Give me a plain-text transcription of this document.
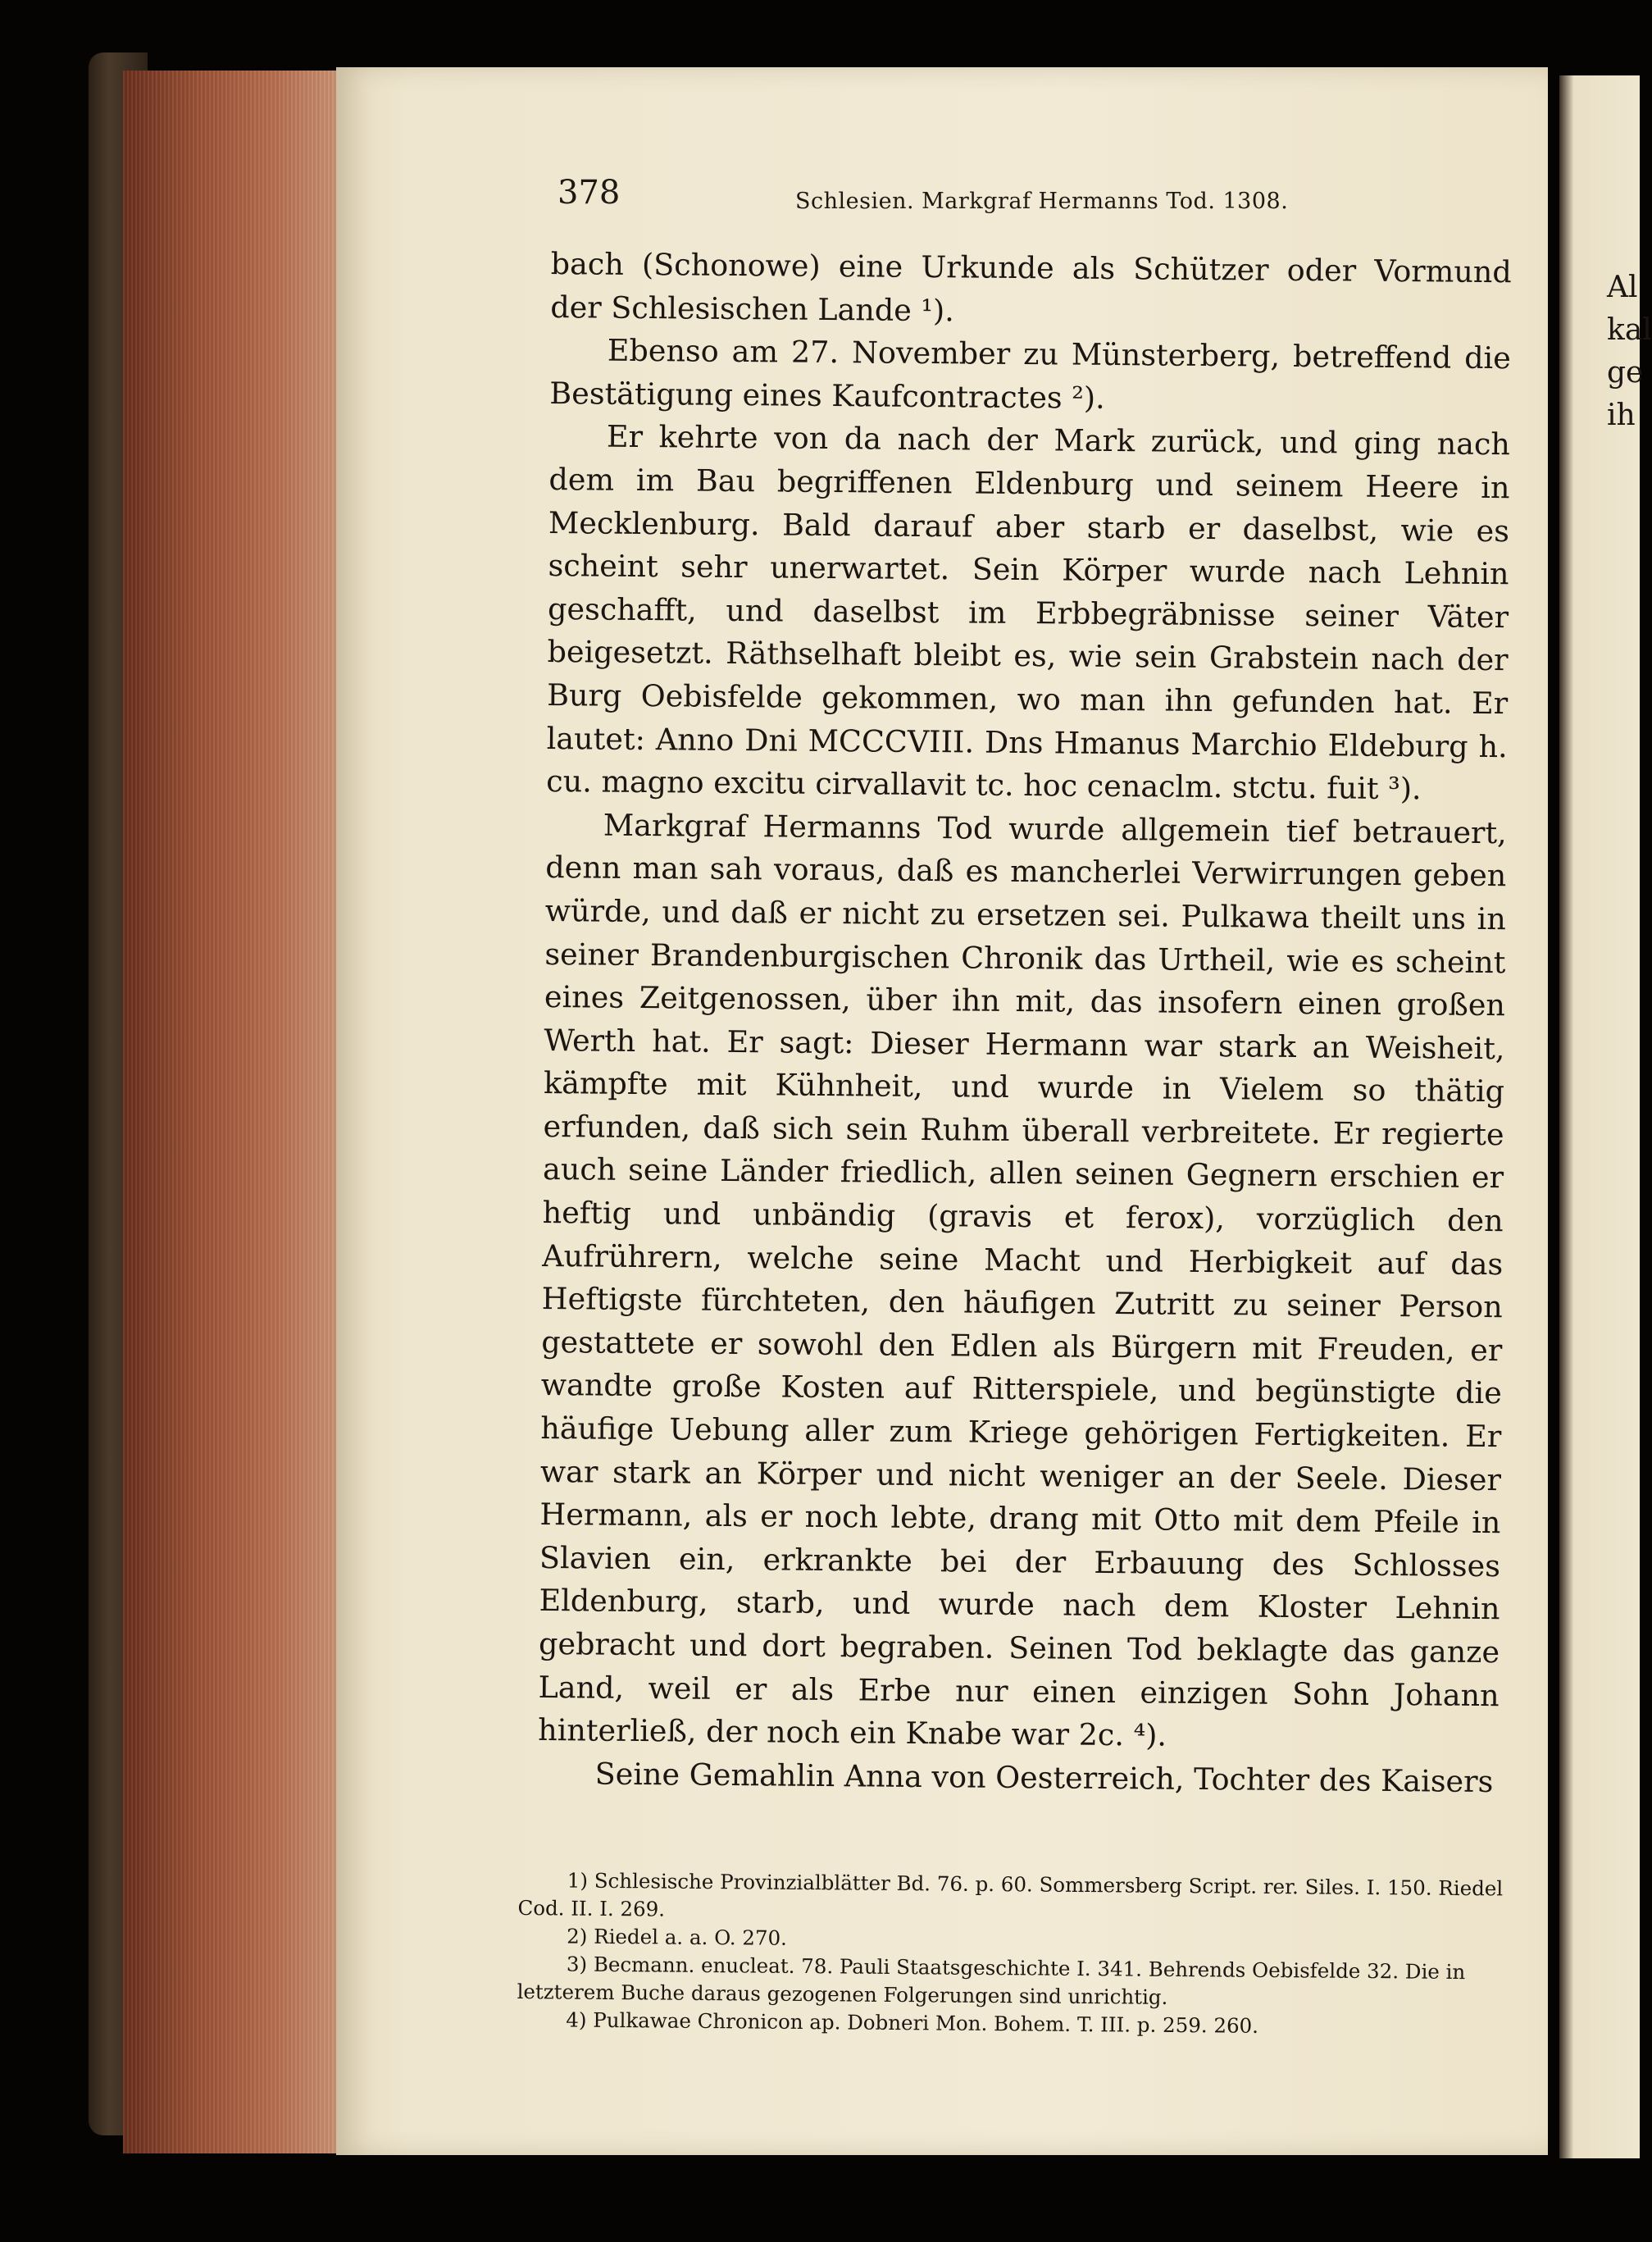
378	Schlesien. Markgraf Hermanns Tod. 1308.

bach (Schonowe) eine Urkunde als Schützer oder Vormund der Schlesischen Lande ¹).

Ebenso am 27. November zu Münsterberg, betreffend die Bestätigung eines Kaufcontractes ²).

Er kehrte von da nach der Mark zurück, und ging nach dem im Bau begriffenen Eldenburg und seinem Heere in Mecklenburg. Bald darauf aber starb er daselbst, wie es scheint sehr unerwartet. Sein Körper wurde nach Lehnin geschafft, und daselbst im Erbbegräbnisse seiner Väter beigesetzt. Räthselhaft bleibt es, wie sein Grabstein nach der Burg Oebisfelde gekommen, wo man ihn gefunden hat. Er lautet: Anno Dni MCCCVIII. Dns Hmanus Marchio Eldeburg h. cu. magno excitu cirvallavit tc. hoc cenaclm. stctu. fuit ³).

Markgraf Hermanns Tod wurde allgemein tief betrauert, denn man sah voraus, daß es mancherlei Verwirrungen geben würde, und daß er nicht zu ersetzen sei. Pulkawa theilt uns in seiner Brandenburgischen Chronik das Urtheil, wie es scheint eines Zeitgenossen, über ihn mit, das insofern einen großen Werth hat. Er sagt: Dieser Hermann war stark an Weisheit, kämpfte mit Kühnheit, und wurde in Vielem so thätig erfunden, daß sich sein Ruhm überall verbreitete. Er regierte auch seine Länder friedlich, allen seinen Gegnern erschien er heftig und unbändig (gravis et ferox), vorzüglich den Aufrührern, welche seine Macht und Herbigkeit auf das Heftigste fürchteten, den häufigen Zutritt zu seiner Person gestattete er sowohl den Edlen als Bürgern mit Freuden, er wandte große Kosten auf Ritterspiele, und begünstigte die häufige Uebung aller zum Kriege gehörigen Fertigkeiten. Er war stark an Körper und nicht weniger an der Seele. Dieser Hermann, als er noch lebte, drang mit Otto mit dem Pfeile in Slavien ein, erkrankte bei der Erbauung des Schlosses Eldenburg, starb, und wurde nach dem Kloster Lehnin gebracht und dort begraben. Seinen Tod beklagte das ganze Land, weil er als Erbe nur einen einzigen Sohn Johann hinterließ, der noch ein Knabe war 2c. ⁴).

Seine Gemahlin Anna von Oesterreich, Tochter des Kaisers

1) Schlesische Provinzialblätter Bd. 76. p. 60. Sommersberg Script. rer. Siles. I. 150. Riedel Cod. II. I. 269.

2) Riedel a. a. O. 270.

3) Becmann. enucleat. 78. Pauli Staatsgeschichte I. 341. Behrends Oebisfelde 32. Die in letzterem Buche daraus gezogenen Folgerungen sind unrichtig.

4) Pulkawae Chronicon ap. Dobneri Mon. Bohem. T. III. p. 259. 260.

Al
kal
ge
ih
